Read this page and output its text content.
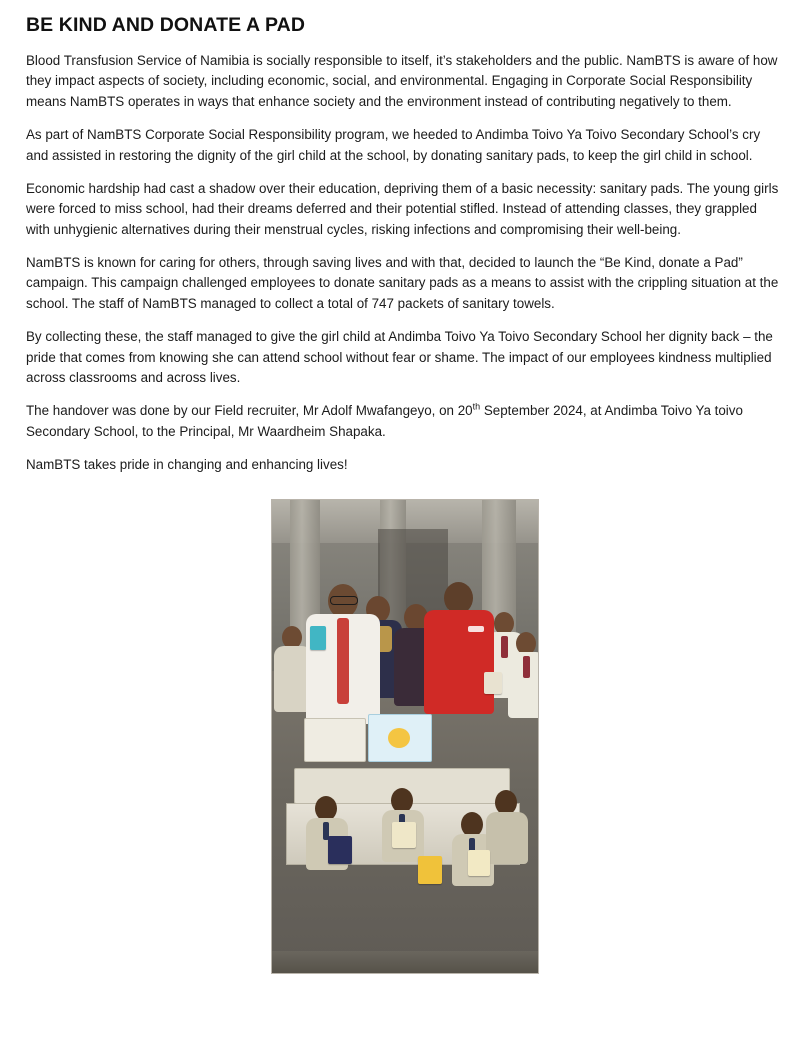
BE KIND AND DONATE A PAD

Blood Transfusion Service of Namibia is socially responsible to itself, it’s stakeholders and the public. NamBTS is aware of how they impact aspects of society, including economic, social, and environmental. Engaging in Corporate Social Responsibility means NamBTS operates in ways that enhance society and the environment instead of contributing negatively to them.

As part of NamBTS Corporate Social Responsibility program, we heeded to Andimba Toivo Ya Toivo Secondary School’s cry and assisted in restoring the dignity of the girl child at the school, by donating sanitary pads, to keep the girl child in school.

Economic hardship had cast a shadow over their education, depriving them of a basic necessity: sanitary pads. The young girls were forced to miss school, had their dreams deferred and their potential stifled. Instead of attending classes, they grappled with unhygienic alternatives during their menstrual cycles, risking infections and compromising their well-being.

NamBTS is known for caring for others, through saving lives and with that, decided to launch the “Be Kind, donate a Pad” campaign. This campaign challenged employees to donate sanitary pads as a means to assist with the crippling situation at the school. The staff of NamBTS managed to collect a total of 747 packets of sanitary towels.

By collecting these, the staff managed to give the girl child at Andimba Toivo Ya Toivo Secondary School her dignity back – the pride that comes from knowing she can attend school without fear or shame. The impact of our employees kindness multiplied across classrooms and across lives.

The handover was done by our Field recruiter, Mr Adolf Mwafangeyo, on 20th September 2024, at Andimba Toivo Ya toivo Secondary School, to the Principal, Mr Waardheim Shapaka.

NamBTS takes pride in changing and enhancing lives!
